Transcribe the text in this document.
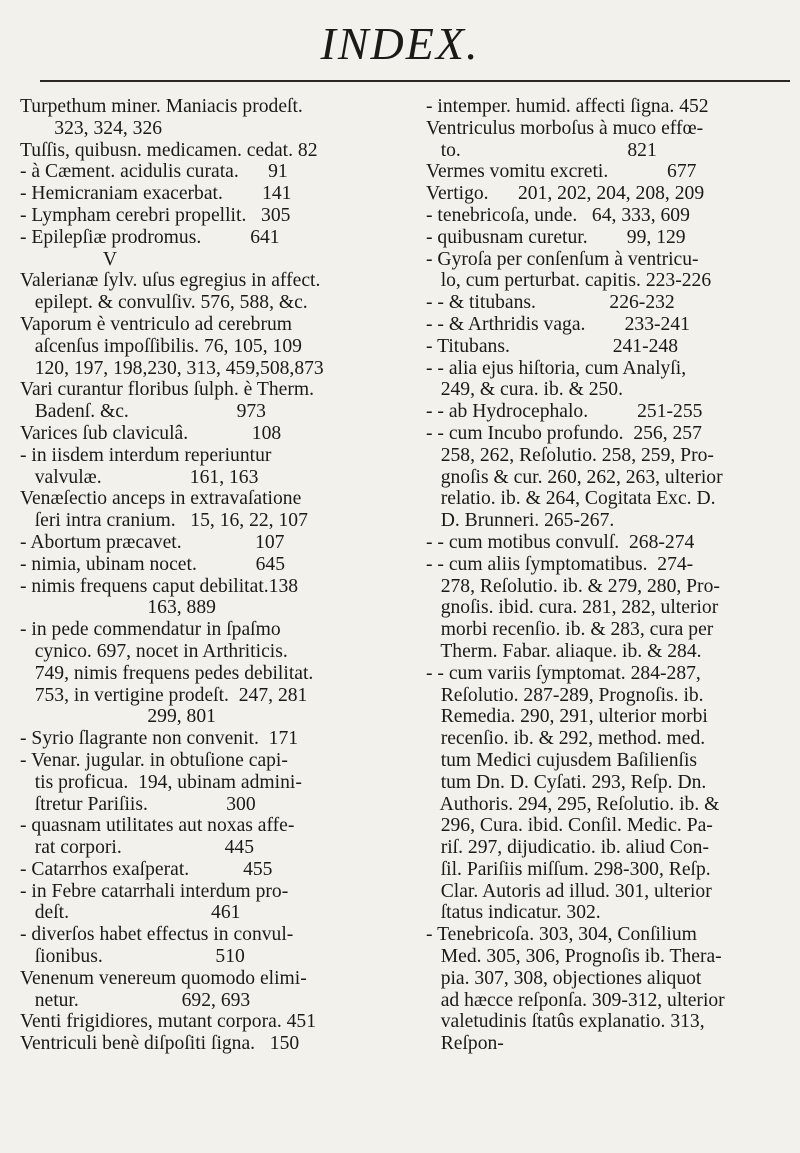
INDEX.
Turpethum miner. Maniacis prodeſt.
323, 324, 326
Tuſſis, quibusn. medicamen. cedat. 82
- à Cæment. acidulis curata.      91
- Hemicraniam exacerbat.        141
- Lympham cerebri propellit.   305
- Epilepſiæ prodromus.          641
V
Valerianæ ſylv. uſus egregius in affect.
epilept. & convulſiv. 576, 588, &c.
Vaporum è ventriculo ad cerebrum
aſcenſus impoſſibilis. 76, 105, 109
120, 197, 198,230, 313, 459,508,873
Vari curantur floribus ſulph. è Therm.
Badenſ. &c.                      973
Varices ſub claviculâ.             108
- in iisdem interdum reperiuntur
valvulæ.                  161, 163
Venæſectio anceps in extravaſatione
ſeri intra cranium.   15, 16, 22, 107
- Abortum præcavet.               107
- nimia, ubinam nocet.            645
- nimis frequens caput debilitat.138
163, 889
- in pede commendatur in ſpaſmo
cynico. 697, nocet in Arthriticis.
749, nimis frequens pedes debilitat.
753, in vertigine prodeſt.  247, 281
299, 801
- Syrio ſlagrante non convenit.  171
- Venar. jugular. in obtuſione capi-
tis proficua.  194, ubinam admini-
ſtretur Pariſiis.                300
- quasnam utilitates aut noxas affe-
rat corpori.                     445
- Catarrhos exaſperat.           455
- in Febre catarrhali interdum pro-
deſt.                             461
- diverſos habet effectus in convul-
ſionibus.                       510
Venenum venereum quomodo elimi-
netur.                     692, 693
Venti frigidiores, mutant corpora. 451
Ventriculi benè diſpoſiti ſigna.   150
- intemper. humid. affecti ſigna. 452
Ventriculus morboſus à muco effœ-
to.                                  821
Vermes vomitu excreti.            677
Vertigo.      201, 202, 204, 208, 209
- tenebricoſa, unde.   64, 333, 609
- quibusnam curetur.        99, 129
- Gyroſa per conſenſum à ventricu-
lo, cum perturbat. capitis. 223-226
- - & titubans.               226-232
- - & Arthridis vaga.        233-241
- Titubans.                     241-248
- - alia ejus hiſtoria, cum Analyſi,
249, & cura. ib. & 250.
- - ab Hydrocephalo.          251-255
- - cum Incubo profundo.  256, 257
258, 262, Reſolutio. 258, 259, Pro-
gnoſis & cur. 260, 262, 263, ulterior
relatio. ib. & 264, Cogitata Exc. D.
D. Brunneri. 265-267.
- - cum motibus convulſ.  268-274
- - cum aliis ſymptomatibus.  274-
278, Reſolutio. ib. & 279, 280, Pro-
gnoſis. ibid. cura. 281, 282, ulterior
morbi recenſio. ib. & 283, cura per
Therm. Fabar. aliaque. ib. & 284.
- - cum variis ſymptomat. 284-287,
Reſolutio. 287-289, Prognoſis. ib.
Remedia. 290, 291, ulterior morbi
recenſio. ib. & 292, method. med.
tum Medici cujusdem Baſilienſis
tum Dn. D. Cyſati. 293, Reſp. Dn.
Authoris. 294, 295, Reſolutio. ib. &
296, Cura. ibid. Conſil. Medic. Pa-
riſ. 297, dijudicatio. ib. aliud Con-
ſil. Pariſiis miſſum. 298-300, Reſp.
Clar. Autoris ad illud. 301, ulterior
ſtatus indicatur. 302.
- Tenebricoſa. 303, 304, Conſilium
Med. 305, 306, Prognoſis ib. Thera-
pia. 307, 308, objectiones aliquot
ad hæcce reſponſa. 309-312, ulterior
valetudinis ſtatûs explanatio. 313,
Reſpon-
